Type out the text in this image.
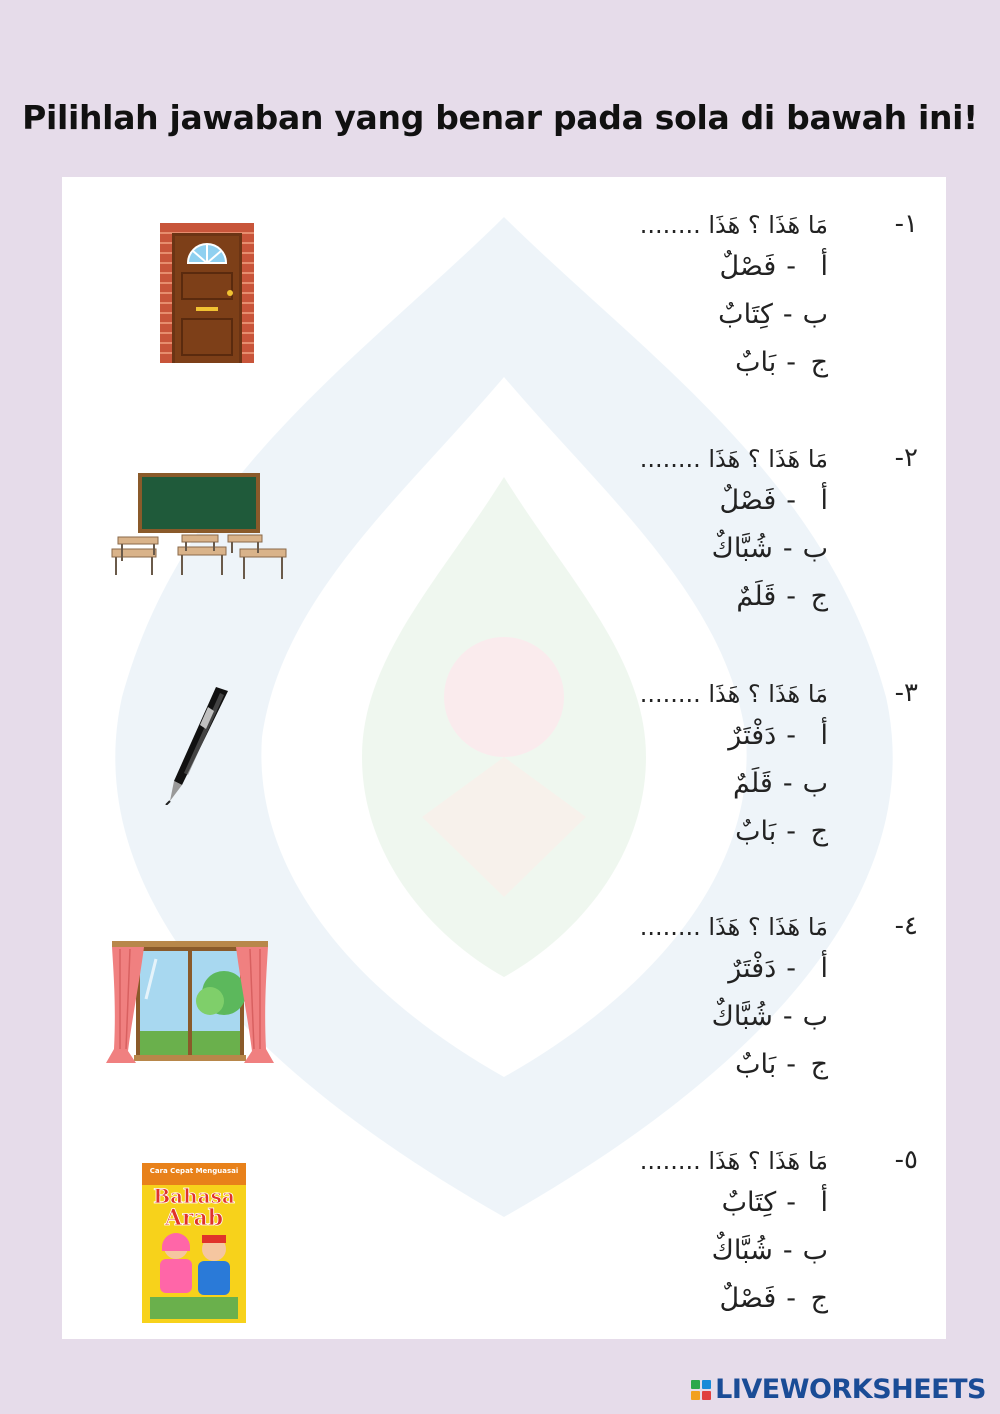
Pilihlah jawaban yang benar pada sola di bawah ini!
-١
مَا هَذَا ؟ هَذَا ........
أ-فَصْلٌ
ب-كِتَابٌ
ج-بَابٌ
-٢
مَا هَذَا ؟ هَذَا ........
أ-فَصْلٌ
ب-شُبَّاكٌ
ج-قَلَمٌ
-٣
مَا هَذَا ؟ هَذَا ........
أ-دَفْتَرٌ
ب-قَلَمٌ
ج-بَابٌ
-٤
مَا هَذَا ؟ هَذَا ........
أ-دَفْتَرٌ
ب-شُبَّاكٌ
ج-بَابٌ
-٥
مَا هَذَا ؟ هَذَا ........
أ-كِتَابٌ
ب-شُبَّاكٌ
ج-فَصْلٌ
Cara Cepat Menguasai
Bahasa
Arab
LIVEWORKSHEETS
